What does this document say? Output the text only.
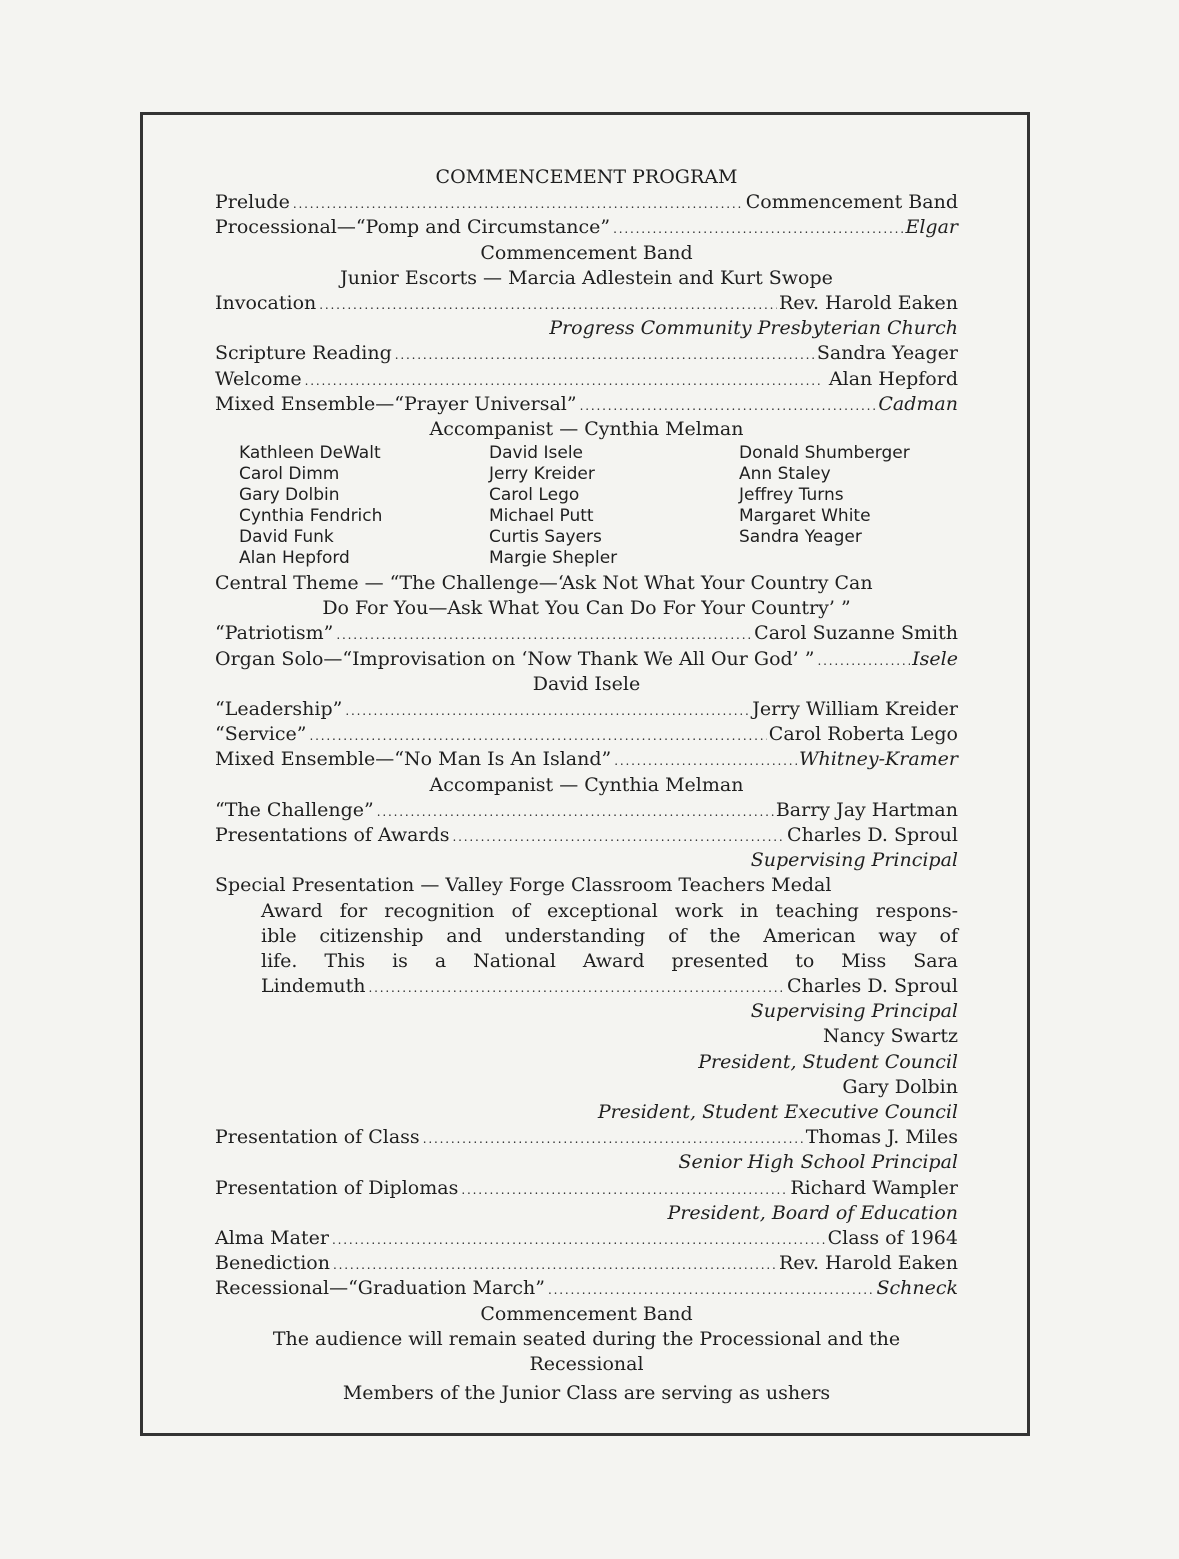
COMMENCEMENT PROGRAM
Prelude . . .	Commencement Band
Processional—“Pomp and Circumstance” . . .	Elgar
Commencement Band
Junior Escorts — Marcia Adlestein and Kurt Swope
Invocation . . .	Rev. Harold Eaken
Progress Community Presbyterian Church
Scripture Reading . . .	Sandra Yeager
Welcome . . .	Alan Hepford
Mixed Ensemble—“Prayer Universal” . . .	Cadman
Accompanist — Cynthia Melman
Kathleen DeWalt
Carol Dimm
Gary Dolbin
Cynthia Fendrich
David Funk
Alan Hepford
David Isele
Jerry Kreider
Carol Lego
Michael Putt
Curtis Sayers
Margie Shepler
Donald Shumberger
Ann Staley
Jeffrey Turns
Margaret White
Sandra Yeager
Central Theme — “The Challenge—‘Ask Not What Your Country Can
Do For You—Ask What You Can Do For Your Country’ ”
“Patriotism” . . .	Carol Suzanne Smith
Organ Solo—“Improvisation on ‘Now Thank We All Our God’ ” . . .	Isele
David Isele
“Leadership” . . .	Jerry William Kreider
“Service” . . .	Carol Roberta Lego
Mixed Ensemble—“No Man Is An Island” . . .	Whitney-Kramer
Accompanist — Cynthia Melman
“The Challenge” . . .	Barry Jay Hartman
Presentations of Awards . . .	Charles D. Sproul
Supervising Principal
Special Presentation — Valley Forge Classroom Teachers Medal
Award for recognition of exceptional work in teaching respons-
ible citizenship and understanding of the American way of
life. This is a National Award presented to Miss Sara
Lindemuth . . .	Charles D. Sproul
Supervising Principal
Nancy Swartz
President, Student Council
Gary Dolbin
President, Student Executive Council
Presentation of Class . . .	Thomas J. Miles
Senior High School Principal
Presentation of Diplomas . . .	Richard Wampler
President, Board of Education
Alma Mater . . .	Class of 1964
Benediction . . .	Rev. Harold Eaken
Recessional—“Graduation March” . . .	Schneck
Commencement Band
The audience will remain seated during the Processional and the
Recessional
Members of the Junior Class are serving as ushers
